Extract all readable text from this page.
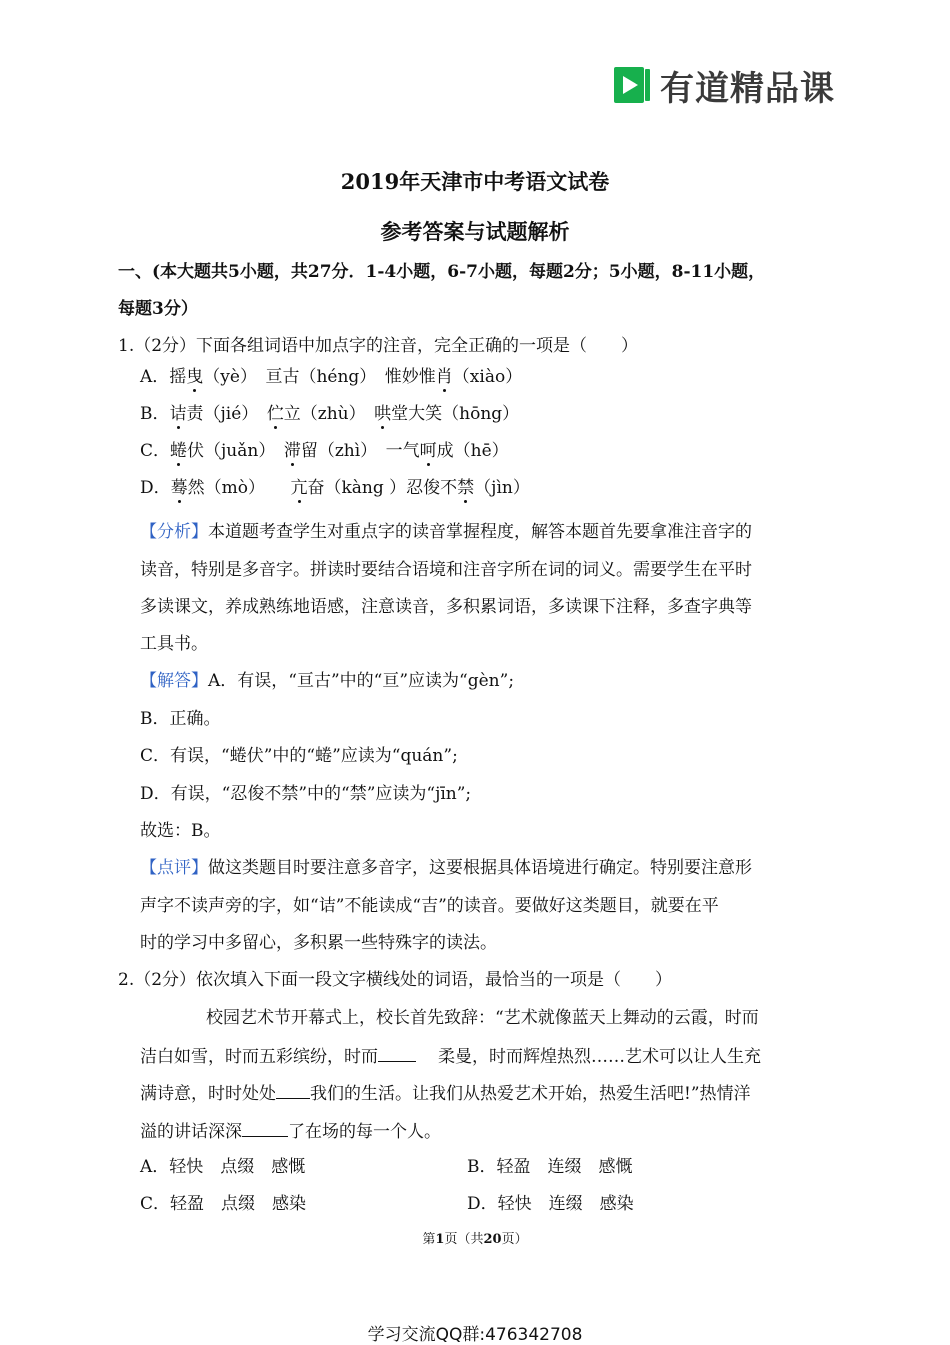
有道精品课
2019年天津市中考语文试卷
参考答案与试题解析
一、(本大题共5小题，共27分．1-4小题，6-7小题，每题2分；5小题，8-11小题，
每题3分）
1.（2分）下面各组词语中加点字的注音，完全正确的一项是（　　）
A．摇曳（yè）　亘古（héng）　惟妙惟肖（xiào）
B．诘责（jié）　伫立（zhù）　哄堂大笑（hōng）
C．蜷伏（juǎn）　滞留（zhì）　一气呵成（hē）
D．蓦然（mò）　　亢奋（kàng ）忍俊不禁（jìn）
【分析】本道题考查学生对重点字的读音掌握程度，解答本题首先要拿准注音字的
读音，特别是多音字。拼读时要结合语境和注音字所在词的词义。需要学生在平时
多读课文，养成熟练地语感，注意读音，多积累词语，多读课下注释，多查字典等
工具书。
【解答】A．有误，“亘古”中的“亘”应读为“gèn”;
B．正确。
C．有误，“蜷伏”中的“蜷”应读为“quán”;
D．有误，“忍俊不禁”中的“禁”应读为“jīn”;
故选：B。
【点评】做这类题目时要注意多音字，这要根据具体语境进行确定。特别要注意形
声字不读声旁的字，如“诘”不能读成“吉”的读音。要做好这类题目，就要在平
时的学习中多留心，多积累一些特殊字的读法。
2.（2分）依次填入下面一段文字横线处的词语，最恰当的一项是（　　）
校园艺术节开幕式上，校长首先致辞：“艺术就像蓝天上舞动的云霞，时而
洁白如雪，时而五彩缤纷，时而	柔曼，时而辉煌热烈……艺术可以让人生充
满诗意，时时处处 我们的生活。让我们从热爱艺术开始，热爱生活吧!”热情洋
溢的讲话深深	了在场的每一个人。
A．轻快　点缀　感慨	B．轻盈　连缀　感慨
C．轻盈　点缀　感染	D．轻快　连缀　感染
第1页（共20页）
学习交流QQ群:476342708
